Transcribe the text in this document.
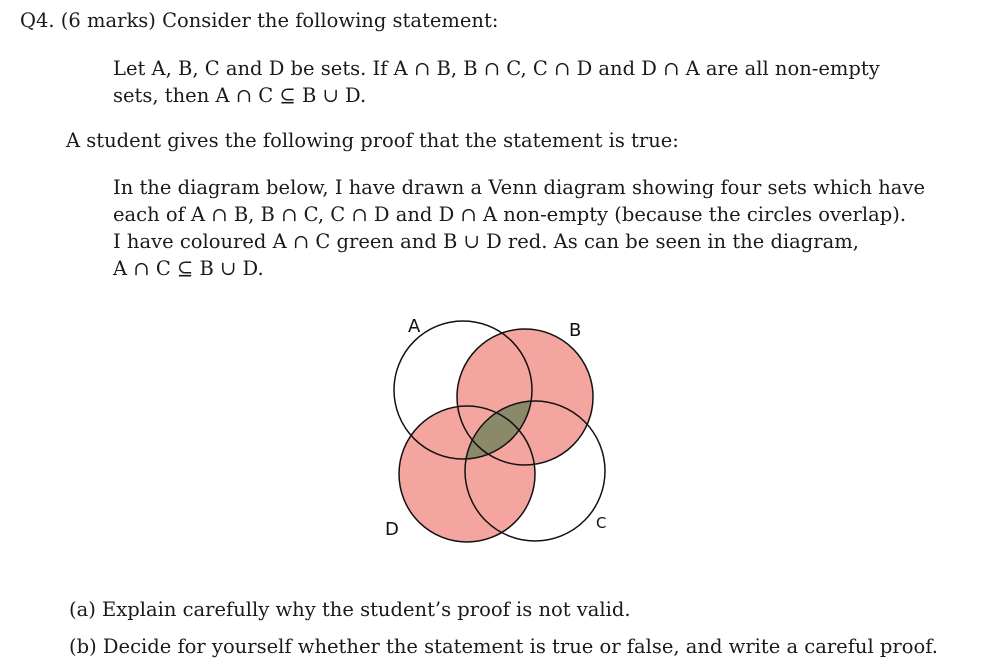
Q4. (6 marks) Consider the following statement:
Let A, B, C and D be sets. If A ∩ B, B ∩ C, C ∩ D and D ∩ A are all non-empty
sets, then A ∩ C ⊆ B ∪ D.
A student gives the following proof that the statement is true:
In the diagram below, I have drawn a Venn diagram showing four sets which have
each of A ∩ B, B ∩ C, C ∩ D and D ∩ A non-empty (because the circles overlap).
I have coloured A ∩ C green and B ∪ D red. As can be seen in the diagram,
A ∩ C ⊆ B ∪ D.
A	B
C
D
(a) Explain carefully why the student’s proof is not valid.
(b) Decide for yourself whether the statement is true or false, and write a careful proof.
